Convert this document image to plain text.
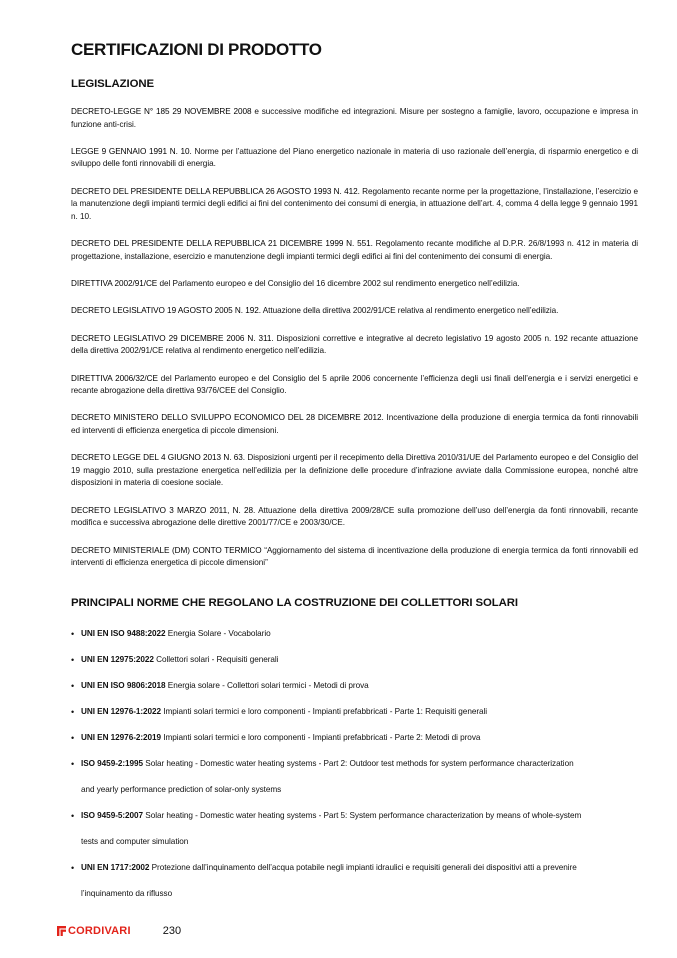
CERTIFICAZIONI DI PRODOTTO
LEGISLAZIONE

DECRETO-LEGGE N° 185 29 NOVEMBRE 2008 e successive modifiche ed integrazioni. Misure per sostegno a famiglie, lavoro, occupazione e impresa in funzione anti-crisi.

LEGGE 9 GENNAIO 1991 N. 10. Norme per l’attuazione del Piano energetico nazionale in materia di uso razionale dell’energia, di risparmio energetico e di sviluppo delle fonti rinnovabili di energia.

DECRETO DEL PRESIDENTE DELLA REPUBBLICA 26 AGOSTO 1993 N. 412. Regolamento recante norme per la progettazione, l’installazione, l’esercizio e la manutenzione degli impianti termici degli edifici ai fini del contenimento dei consumi di energia, in attuazione dell’art. 4, comma 4 della legge 9 gennaio 1991 n. 10.

DECRETO DEL PRESIDENTE DELLA REPUBBLICA 21 DICEMBRE 1999 N. 551. Regolamento recante modifiche al D.P.R. 26/8/1993 n. 412 in materia di progettazione, installazione, esercizio e manutenzione degli impianti termici degli edifici ai fini del contenimento dei consumi di energia.

DIRETTIVA 2002/91/CE del Parlamento europeo e del Consiglio del 16 dicembre 2002 sul rendimento energetico nell’edilizia.

DECRETO LEGISLATIVO 19 AGOSTO 2005 N. 192. Attuazione della direttiva 2002/91/CE relativa al rendimento energetico nell’edilizia.

DECRETO LEGISLATIVO 29 DICEMBRE 2006 N. 311. Disposizioni correttive e integrative al decreto legislativo 19 agosto 2005 n. 192 recante attuazione della direttiva 2002/91/CE relativa al rendimento energetico nell’edilizia.

DIRETTIVA 2006/32/CE del Parlamento europeo e del Consiglio del 5 aprile 2006 concernente l’efficienza degli usi finali dell’energia e i servizi energetici e recante abrogazione della direttiva 93/76/CEE del Consiglio.

DECRETO MINISTERO DELLO SVILUPPO ECONOMICO DEL 28 DICEMBRE 2012. Incentivazione della produzione di energia termica da fonti rinnovabili ed interventi di efficienza energetica di piccole dimensioni.

DECRETO LEGGE DEL 4 GIUGNO 2013 N. 63. Disposizioni urgenti per il recepimento della Direttiva 2010/31/UE del Parlamento europeo e del Consiglio del 19 maggio 2010, sulla prestazione energetica nell’edilizia per la definizione delle procedure d’infrazione avviate dalla Commissione europea, nonché altre disposizioni in materia di coesione sociale.

DECRETO LEGISLATIVO 3 MARZO 2011, N. 28. Attuazione della direttiva 2009/28/CE sulla promozione dell’uso dell’energia da fonti rinnovabili, recante modifica e successiva abrogazione delle direttive 2001/77/CE e 2003/30/CE.

DECRETO MINISTERIALE (DM) CONTO TERMICO “Aggiornamento del sistema di incentivazione della produzione di energia termica da fonti rinnovabili ed interventi di efficienza energetica di piccole dimensioni”

PRINCIPALI NORME CHE REGOLANO LA COSTRUZIONE DEI COLLETTORI SOLARI
• UNI EN ISO 9488:2022 Energia Solare - Vocabolario
• UNI EN 12975:2022 Collettori solari - Requisiti generali
• UNI EN ISO 9806:2018 Energia solare - Collettori solari termici - Metodi di prova
• UNI EN 12976-1:2022 Impianti solari termici e loro componenti - Impianti prefabbricati - Parte 1: Requisiti generali
• UNI EN 12976-2:2019 Impianti solari termici e loro componenti - Impianti prefabbricati - Parte 2: Metodi di prova
• ISO 9459-2:1995 Solar heating - Domestic water heating systems - Part 2: Outdoor test methods for system performance characterization
and yearly performance prediction of solar-only systems
• ISO 9459-5:2007 Solar heating - Domestic water heating systems - Part 5: System performance characterization by means of whole-system
tests and computer simulation
• UNI EN 1717:2002 Protezione dall’inquinamento dell’acqua potabile negli impianti idraulici e requisiti generali dei dispositivi atti a prevenire
l’inquinamento da riflusso
CORDIVARI	230
